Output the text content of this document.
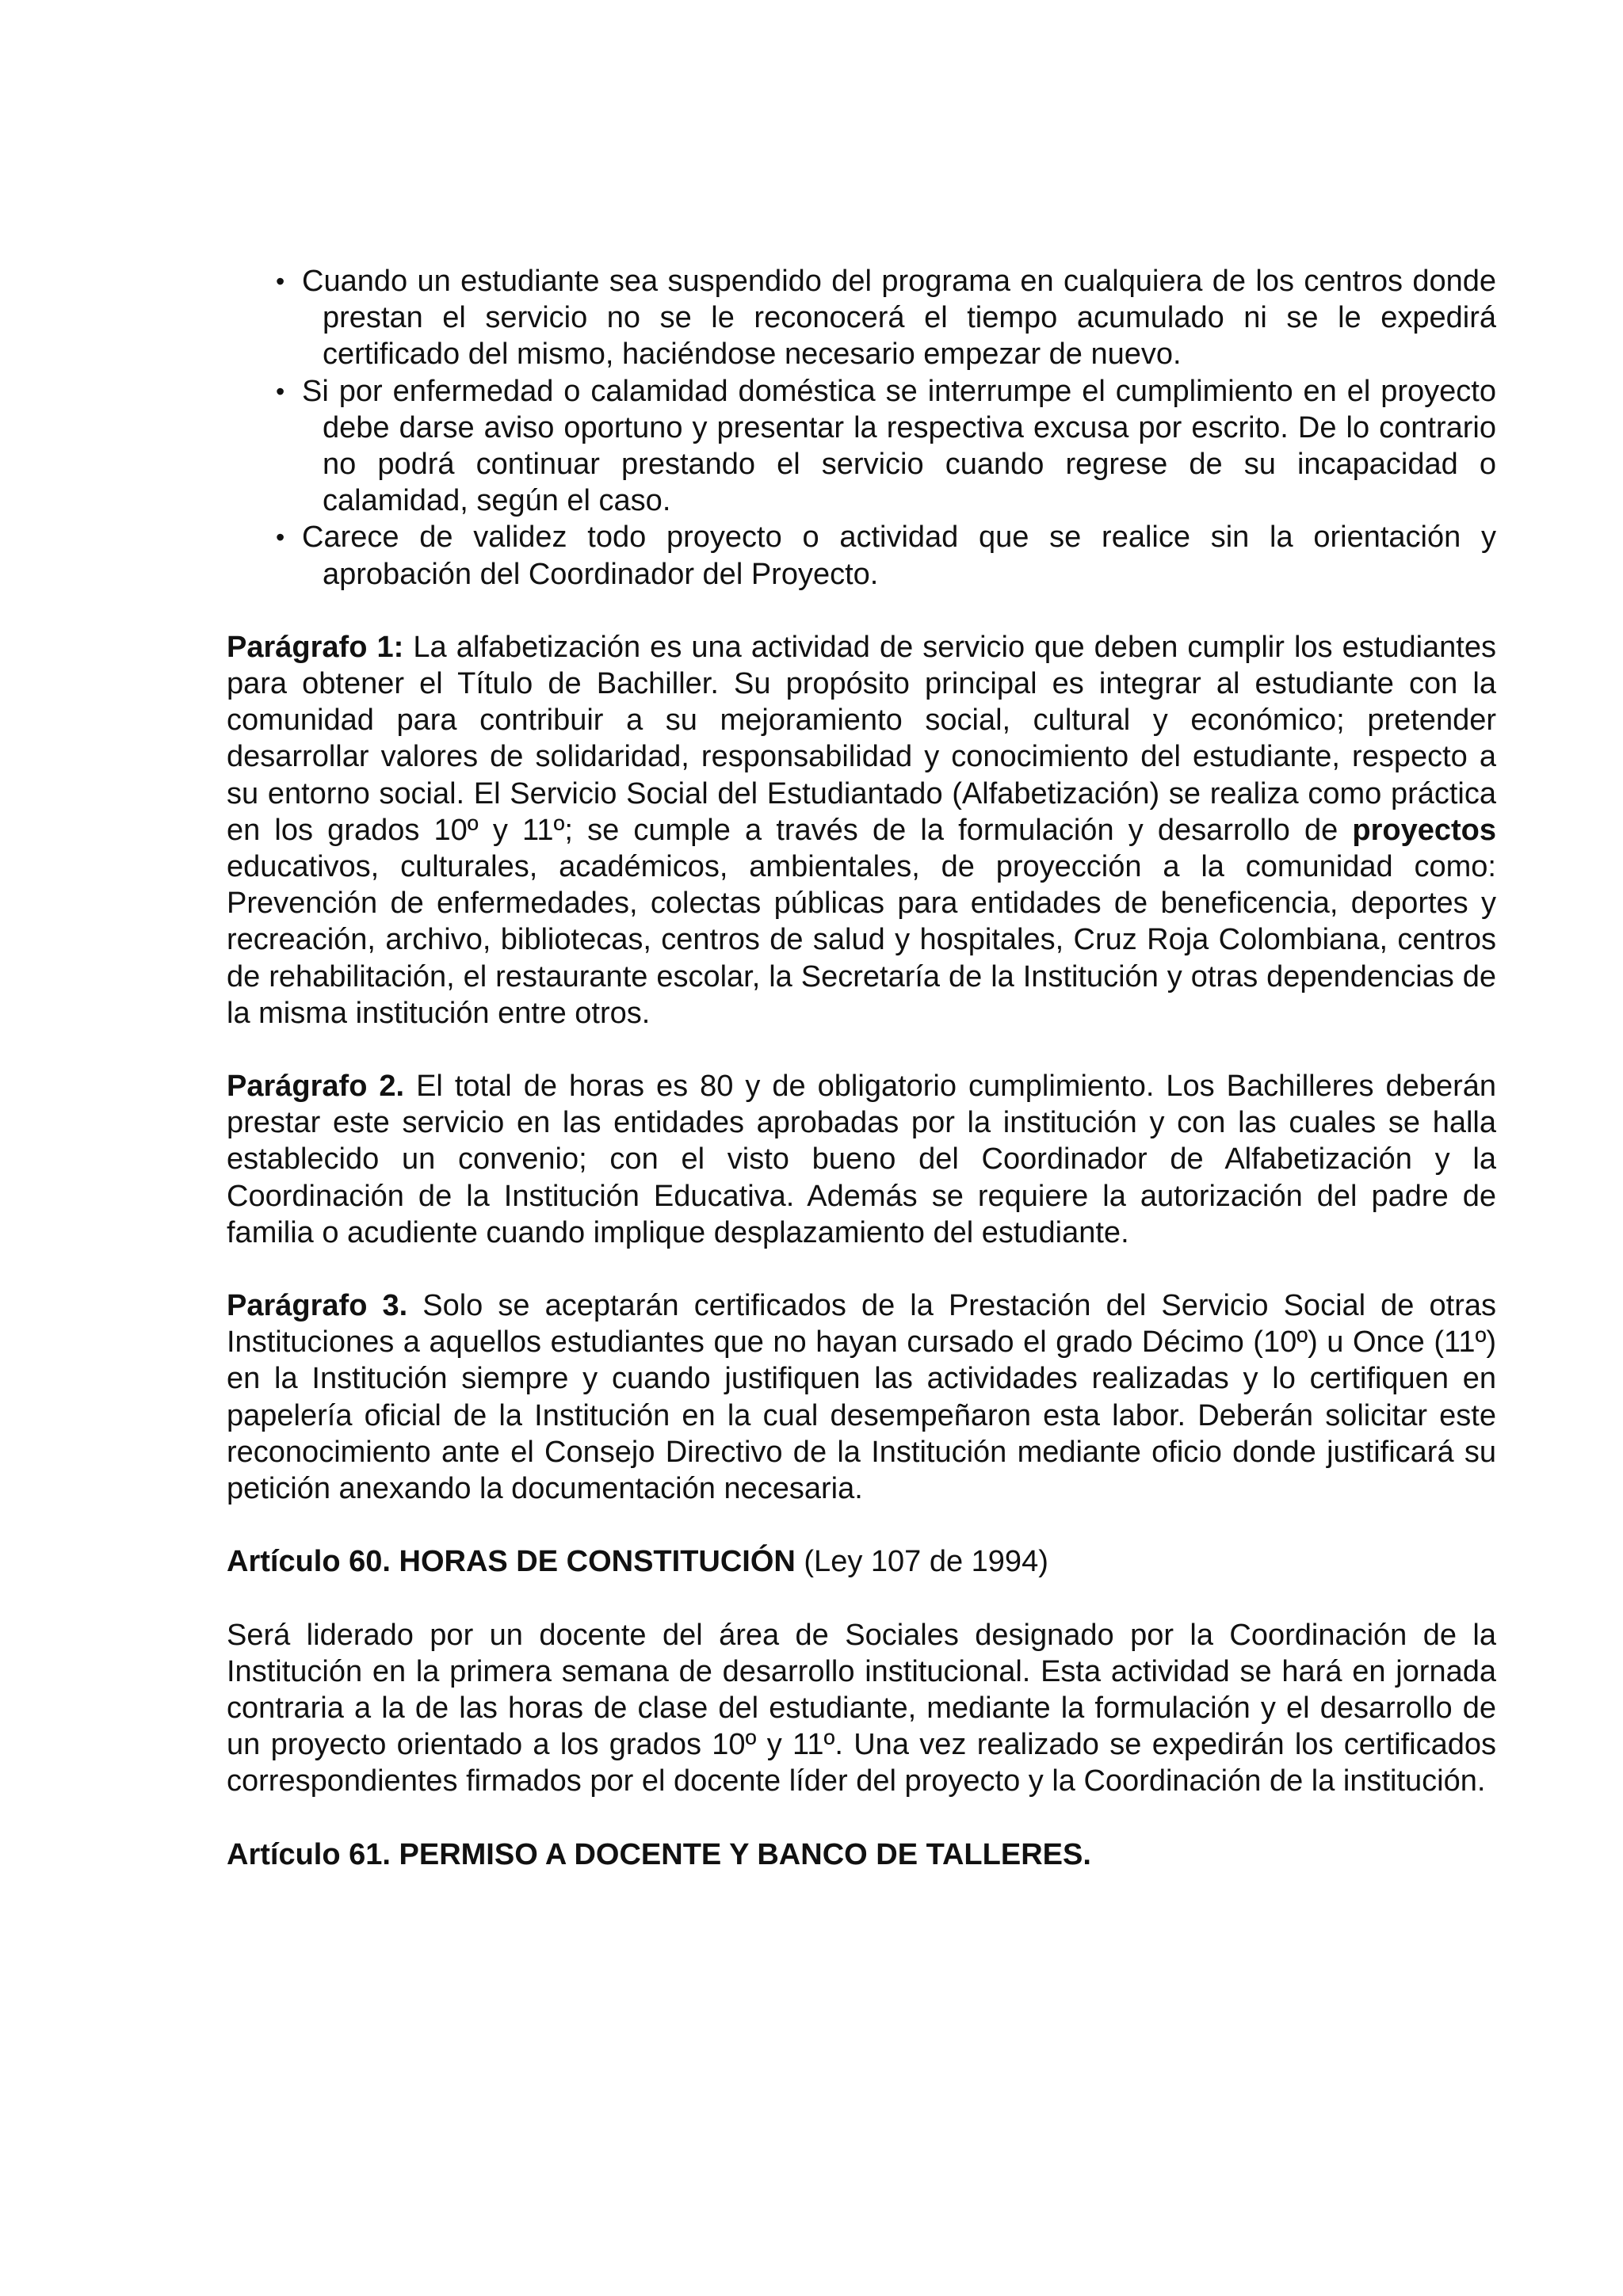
• Cuando un estudiante sea suspendido del programa en cualquiera de los centros donde prestan el servicio no se le reconocerá el tiempo acumulado ni se le expedirá certificado del mismo, haciéndose necesario empezar de nuevo.
• Si por enfermedad o calamidad doméstica se interrumpe el cumplimiento en el proyecto debe darse aviso oportuno y presentar la respectiva excusa por escrito. De lo contrario no podrá continuar prestando el servicio cuando regrese de su incapacidad o calamidad, según el caso.
• Carece de validez todo proyecto o actividad que se realice sin la orientación y aprobación del Coordinador del Proyecto.

Parágrafo 1: La alfabetización es una actividad de servicio que deben cumplir los estudiantes para obtener el Título de Bachiller. Su propósito principal es integrar al estudiante con la comunidad para contribuir a su mejoramiento social, cultural y económico; pretender desarrollar valores de solidaridad, responsabilidad y conocimiento del estudiante, respecto a su entorno social. El Servicio Social del Estudiantado (Alfabetización) se realiza como práctica en los grados 10º y 11º; se cumple a través de la formulación y desarrollo de proyectos educativos, culturales, académicos, ambientales, de proyección a la comunidad como: Prevención de enfermedades, colectas públicas para entidades de beneficencia, deportes y recreación, archivo, bibliotecas, centros de salud y hospitales, Cruz Roja Colombiana, centros de rehabilitación, el restaurante escolar, la Secretaría de la Institución y otras dependencias de la misma institución entre otros.

Parágrafo 2. El total de horas es 80 y de obligatorio cumplimiento. Los Bachilleres deberán prestar este servicio en las entidades aprobadas por la institución y con las cuales se halla establecido un convenio; con el visto bueno del Coordinador de Alfabetización y la Coordinación de la Institución Educativa. Además se requiere la autorización del padre de familia o acudiente cuando implique desplazamiento del estudiante.

Parágrafo 3. Solo se aceptarán certificados de la Prestación del Servicio Social de otras Instituciones a aquellos estudiantes que no hayan cursado el grado Décimo (10º) u Once (11º) en la Institución siempre y cuando justifiquen las actividades realizadas y lo certifiquen en papelería oficial de la Institución en la cual desempeñaron esta labor. Deberán solicitar este reconocimiento ante el Consejo Directivo de la Institución mediante oficio donde justificará su petición anexando la documentación necesaria.

Artículo 60. HORAS DE CONSTITUCIÓN (Ley 107 de 1994)

Será liderado por un docente del área de Sociales designado por la Coordinación de la Institución en la primera semana de desarrollo institucional. Esta actividad se hará en jornada contraria a la de las horas de clase del estudiante, mediante la formulación y el desarrollo de un proyecto orientado a los grados 10º y 11º. Una vez realizado se expedirán los certificados correspondientes firmados por el docente líder del proyecto y la Coordinación de la institución.

Artículo 61. PERMISO A DOCENTE Y BANCO DE TALLERES.
